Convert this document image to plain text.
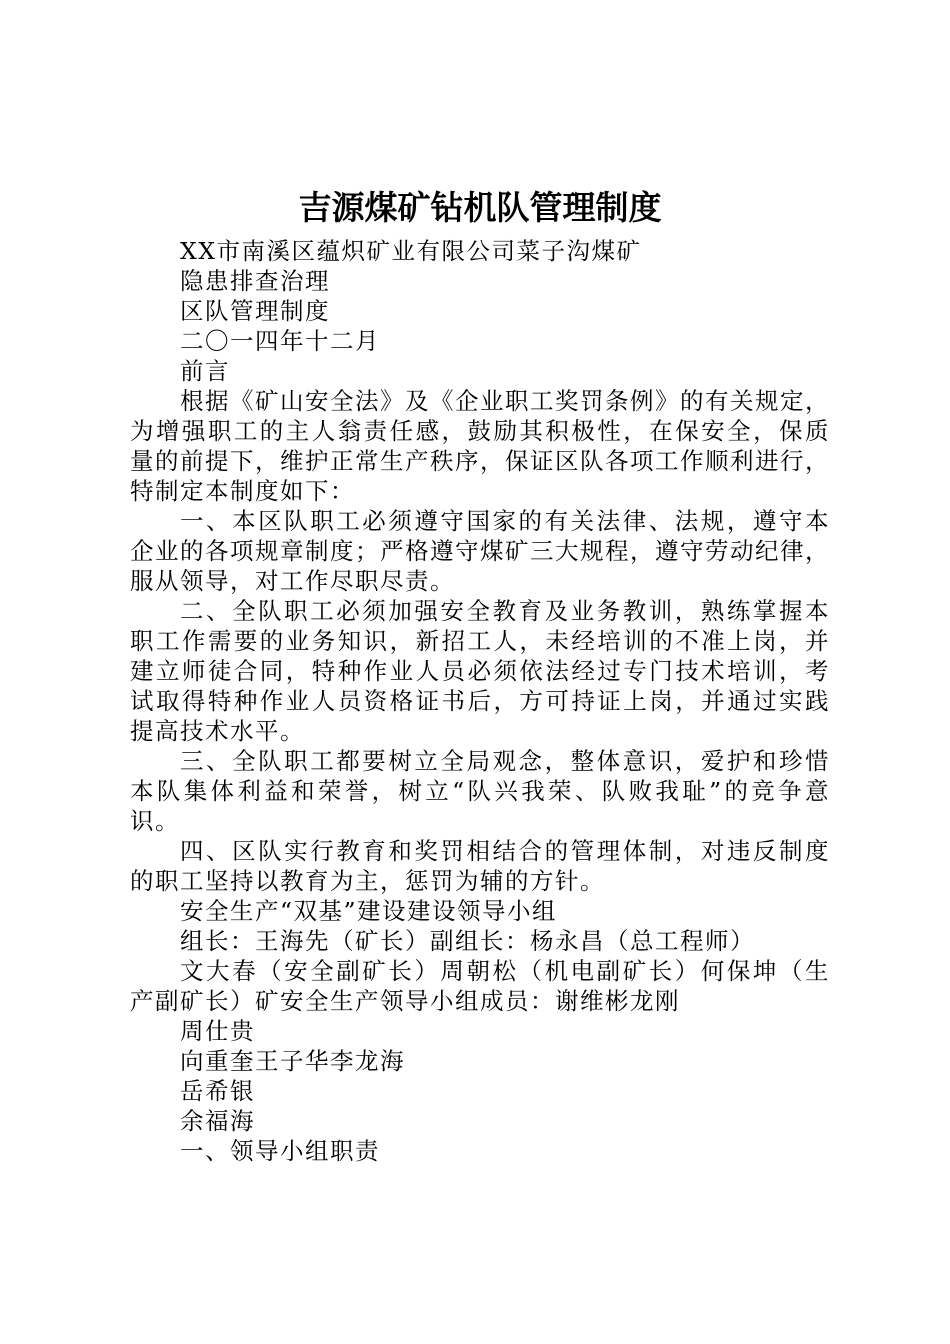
吉源煤矿钻机队管理制度
XX市南溪区蕴炽矿业有限公司菜子沟煤矿
隐患排查治理
区队管理制度
二〇一四年十二月
前言
根据《矿山安全法》及《企业职工奖罚条例》的有关规定，
为增强职工的主人翁责任感，鼓励其积极性，在保安全，保质
量的前提下，维护正常生产秩序，保证区队各项工作顺利进行，
特制定本制度如下：
一、本区队职工必须遵守国家的有关法律、法规，遵守本
企业的各项规章制度；严格遵守煤矿三大规程，遵守劳动纪律，
服从领导，对工作尽职尽责。
二、全队职工必须加强安全教育及业务教训，熟练掌握本
职工作需要的业务知识，新招工人，未经培训的不准上岗，并
建立师徒合同，特种作业人员必须依法经过专门技术培训，考
试取得特种作业人员资格证书后，方可持证上岗，并通过实践
提高技术水平。
三、全队职工都要树立全局观念，整体意识，爱护和珍惜
本队集体利益和荣誉，树立“队兴我荣、队败我耻”的竞争意
识。
四、区队实行教育和奖罚相结合的管理体制，对违反制度
的职工坚持以教育为主，惩罚为辅的方针。
安全生产“双基”建设建设领导小组
组长：王海先（矿长）副组长：杨永昌（总工程师）
文大春（安全副矿长）周朝松（机电副矿长）何保坤（生
产副矿长）矿安全生产领导小组成员：谢维彬龙刚
周仕贵
向重奎王子华李龙海
岳希银
余福海
一、领导小组职责
